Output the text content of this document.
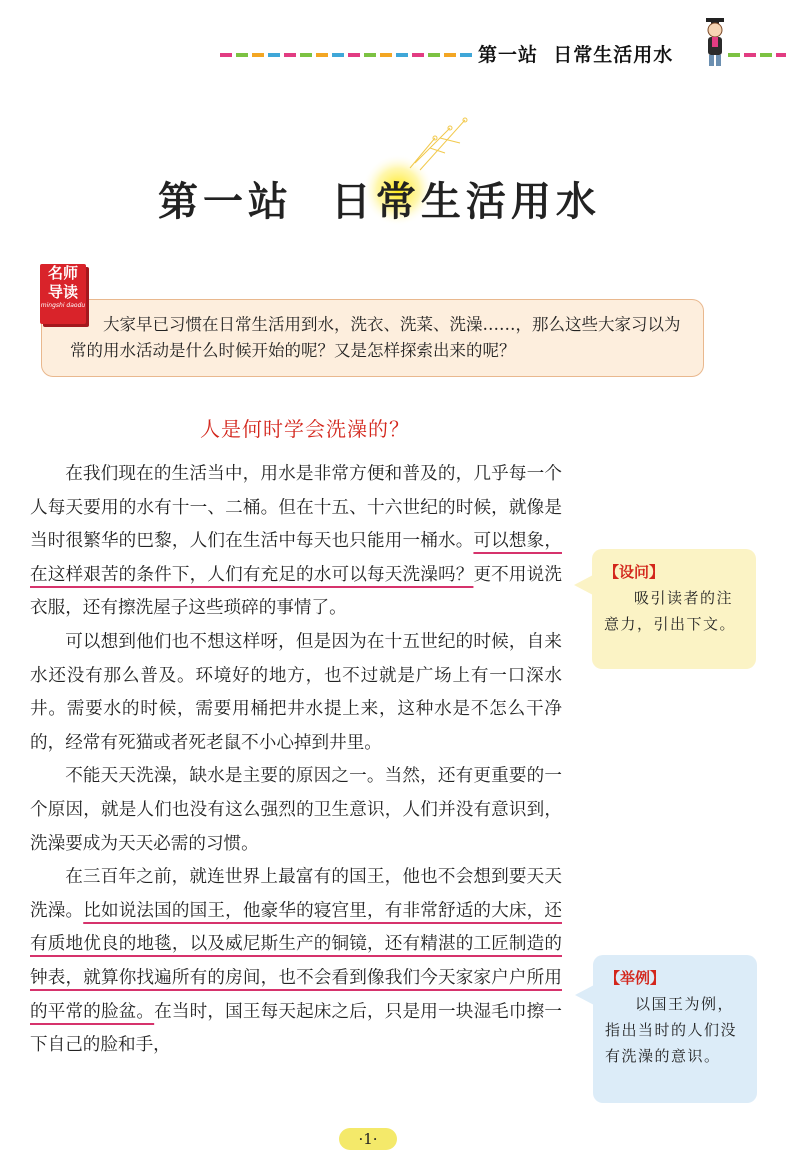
第一站  日常生活用水
第一站  日常生活用水
名师
导读
mingshi daodu
大家早已习惯在日常生活用到水，洗衣、洗菜、洗澡……，那么这些大家习以为常的用水活动是什么时候开始的呢？又是怎样探索出来的呢？
人是何时学会洗澡的？

在我们现在的生活当中，用水是非常方便和普及的，几乎每一个人每天要用的水有十一、二桶。但在十五、十六世纪的时候，就像是当时很繁华的巴黎，人们在生活中每天也只能用一桶水。可以想象，在这样艰苦的条件下，人们有充足的水可以每天洗澡吗？更不用说洗衣服，还有擦洗屋子这些琐碎的事情了。

可以想到他们也不想这样呀，但是因为在十五世纪的时候，自来水还没有那么普及。环境好的地方，也不过就是广场上有一口深水井。需要水的时候，需要用桶把井水提上来，这种水是不怎么干净的，经常有死猫或者死老鼠不小心掉到井里。

不能天天洗澡，缺水是主要的原因之一。当然，还有更重要的一个原因，就是人们也没有这么强烈的卫生意识，人们并没有意识到，洗澡要成为天天必需的习惯。

在三百年之前，就连世界上最富有的国王，他也不会想到要天天洗澡。比如说法国的国王，他豪华的寝宫里，有非常舒适的大床，还有质地优良的地毯，以及威尼斯生产的铜镜，还有精湛的工匠制造的钟表，就算你找遍所有的房间，也不会看到像我们今天家家户户所用的平常的脸盆。在当时，国王每天起床之后，只是用一块湿毛巾擦一下自己的脸和手，

【设问】
吸引读者的注意力，引出下文。
【举例】
以国王为例，指出当时的人们没有洗澡的意识。
·1·
